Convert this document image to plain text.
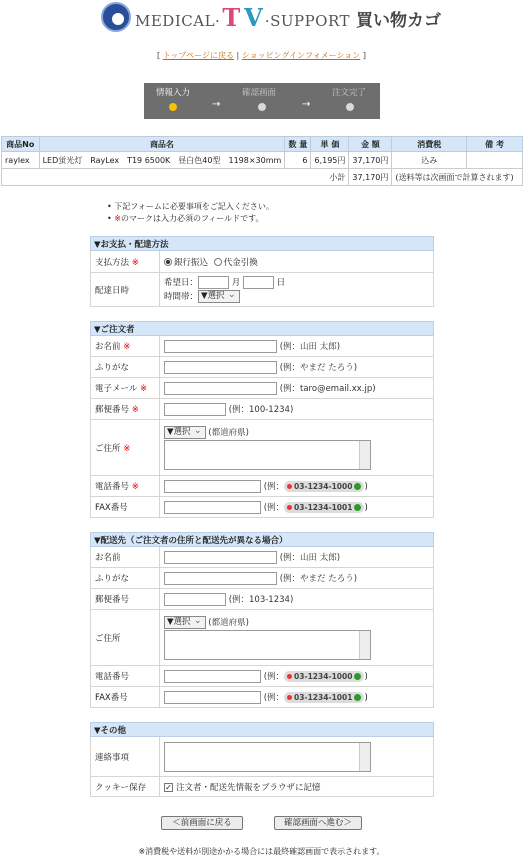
MEDICAL· T V ·SUPPORT 買い物カゴ
[ トップページに戻る | ショッピングインフォメーション ]
情報入力
→
確認画面
→
注文完了
商品No	商品名	数 量	単 価	金 額	消費税	備 考
raylex	LED蛍光灯　RayLex　T19 6500K　昼白色40型　1198×30mm	6	6,195円	37,170円	込み	
小計				37,170円	(送料等は次画面で計算されます)	
• 下記フォームに必要事項をご記入ください。
• ※のマークは入力必須のフィールドです。
▼お支払・配達方法	
支払方法 ※	銀行振込 代金引換
配達日時	希望日： 月 日
時間帯： ▼選択 ⌄
▼ご注文者	
お名前 ※	(例：山田 太郎)
ふりがな	(例：やまだ たろう)
電子メール ※	(例：taro@email.xx.jp)
郵便番号 ※	(例：100-1234)
ご住所 ※	▼選択 ⌄ (都道府県)

電話番号 ※	(例： 03-1234-1000 )
FAX番号	(例： 03-1234-1001 )
▼配送先（ご注文者の住所と配送先が異なる場合）	
お名前	(例：山田 太郎)
ふりがな	(例：やまだ たろう)
郵便番号	(例：103-1234)
ご住所	▼選択 ⌄ (都道府県)

電話番号	(例： 03-1234-1000 )
FAX番号	(例： 03-1234-1001 )
▼その他	
連絡事項	

クッキー保存	✓ 注文者・配送先情報をブラウザに記憶
＜前画面に戻る	確認画面へ進む＞
※消費税や送料が別途かかる場合には最終確認画面で表示されます。
